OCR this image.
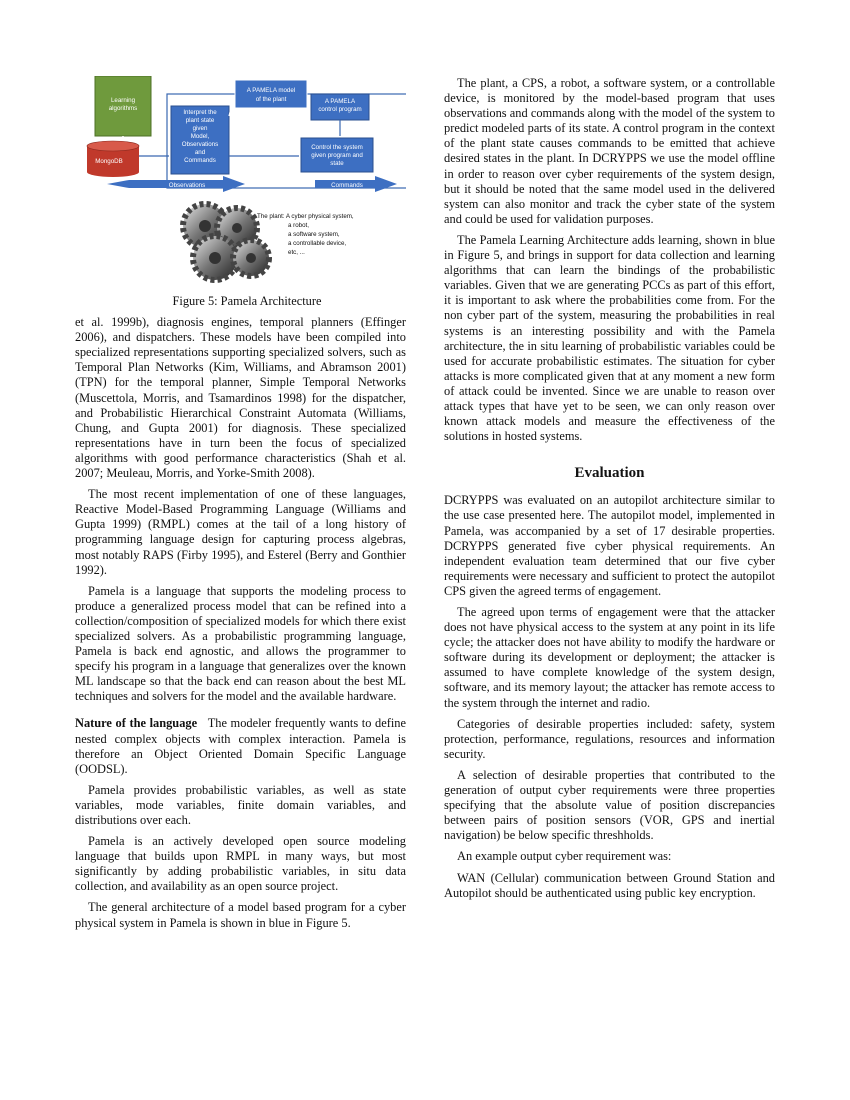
Learning
algorithms
MongoDB
Interpret the
plant state
given
Model,
Observations
and
Commands
A PAMELA model
of the plant	A PAMELA
control program
Control the system
given program and
state
Observations	Commands
The plant: A cyber physical system,
a robot,
a software system,
a controllable device,
etc, ...

Figure 5: Pamela Architecture

et al. 1999b), diagnosis engines, temporal planners (Effinger 2006), and dispatchers. These models have been compiled into specialized representations supporting specialized solvers, such as Temporal Plan Networks (Kim, Williams, and Abramson 2001) (TPN) for the temporal planner, Simple Temporal Networks (Muscettola, Morris, and Tsamardinos 1998) for the dispatcher, and Probabilistic Hierarchical Constraint Automata (Williams, Chung, and Gupta 2001) for diagnosis. These specialized representations have in turn been the focus of specialized algorithms with good performance characteristics (Shah et al. 2007; Meuleau, Morris, and Yorke-Smith 2008).

The most recent implementation of one of these languages, Reactive Model-Based Programming Language (Williams and Gupta 1999) (RMPL) comes at the tail of a long history of programming language design for capturing process algebras, most notably RAPS (Firby 1995), and Esterel (Berry and Gonthier 1992).

Pamela is a language that supports the modeling process to produce a generalized process model that can be refined into a collection/composition of specialized models for which there exist specialized solvers. As a probabilistic programming language, Pamela is back end agnostic, and allows the programmer to specify his program in a language that generalizes over the known ML landscape so that the back end can reason about the best ML techniques and solvers for the model and the available hardware.

Nature of the language The modeler frequently wants to define nested complex objects with complex interaction. Pamela is therefore an Object Oriented Domain Specific Language (OODSL).

Pamela provides probabilistic variables, as well as state variables, mode variables, finite domain variables, and distributions over each.

Pamela is an actively developed open source modeling language that builds upon RMPL in many ways, but most significantly by adding probabilistic variables, in situ data collection, and availability as an open source project.

The general architecture of a model based program for a cyber physical system in Pamela is shown in blue in Figure 5.

The plant, a CPS, a robot, a software system, or a controllable device, is monitored by the model-based program that uses observations and commands along with the model of the system to predict modeled parts of its state. A control program in the context of the plant state causes commands to be emitted that achieve desired states in the plant. In DCRYPPS we use the model offline in order to reason over cyber requirements of the system design, but it should be noted that the same model used in the delivered system can also monitor and track the cyber state of the system and could be used for validation purposes.

The Pamela Learning Architecture adds learning, shown in blue in Figure 5, and brings in support for data collection and learning algorithms that can learn the bindings of the probabilistic variables. Given that we are generating PCCs as part of this effort, it is important to ask where the probabilities come from. For the non cyber part of the system, measuring the probabilities in real systems is an interesting possibility and with the Pamela architecture, the in situ learning of probabilistic variables could be used for accurate probabilistic estimates. The situation for cyber attacks is more complicated given that at any moment a new form of attack could be invented. Since we are unable to reason over attack types that have yet to be seen, we can only reason over known attack models and measure the effectiveness of the solutions in hosted systems.

Evaluation

DCRYPPS was evaluated on an autopilot architecture similar to the use case presented here. The autopilot model, implemented in Pamela, was accompanied by a set of 17 desirable properties. DCRYPPS generated five cyber physical requirements. An independent evaluation team determined that our five cyber requirements were necessary and sufficient to protect the autopilot CPS given the agreed terms of engagement.

The agreed upon terms of engagement were that the attacker does not have physical access to the system at any point in its life cycle; the attacker does not have ability to modify the hardware or software during its development or deployment; the attacker is assumed to have complete knowledge of the system design, software, and its memory layout; the attacker has remote access to the system through the internet and radio.

Categories of desirable properties included: safety, system protection, performance, regulations, resources and information security.

A selection of desirable properties that contributed to the generation of output cyber requirements were three properties specifying that the absolute value of position discrepancies between pairs of position sensors (VOR, GPS and inertial navigation) be below specific threshholds.

An example output cyber requirement was:

WAN (Cellular) communication between Ground Station and Autopilot should be authenticated using public key encryption.
